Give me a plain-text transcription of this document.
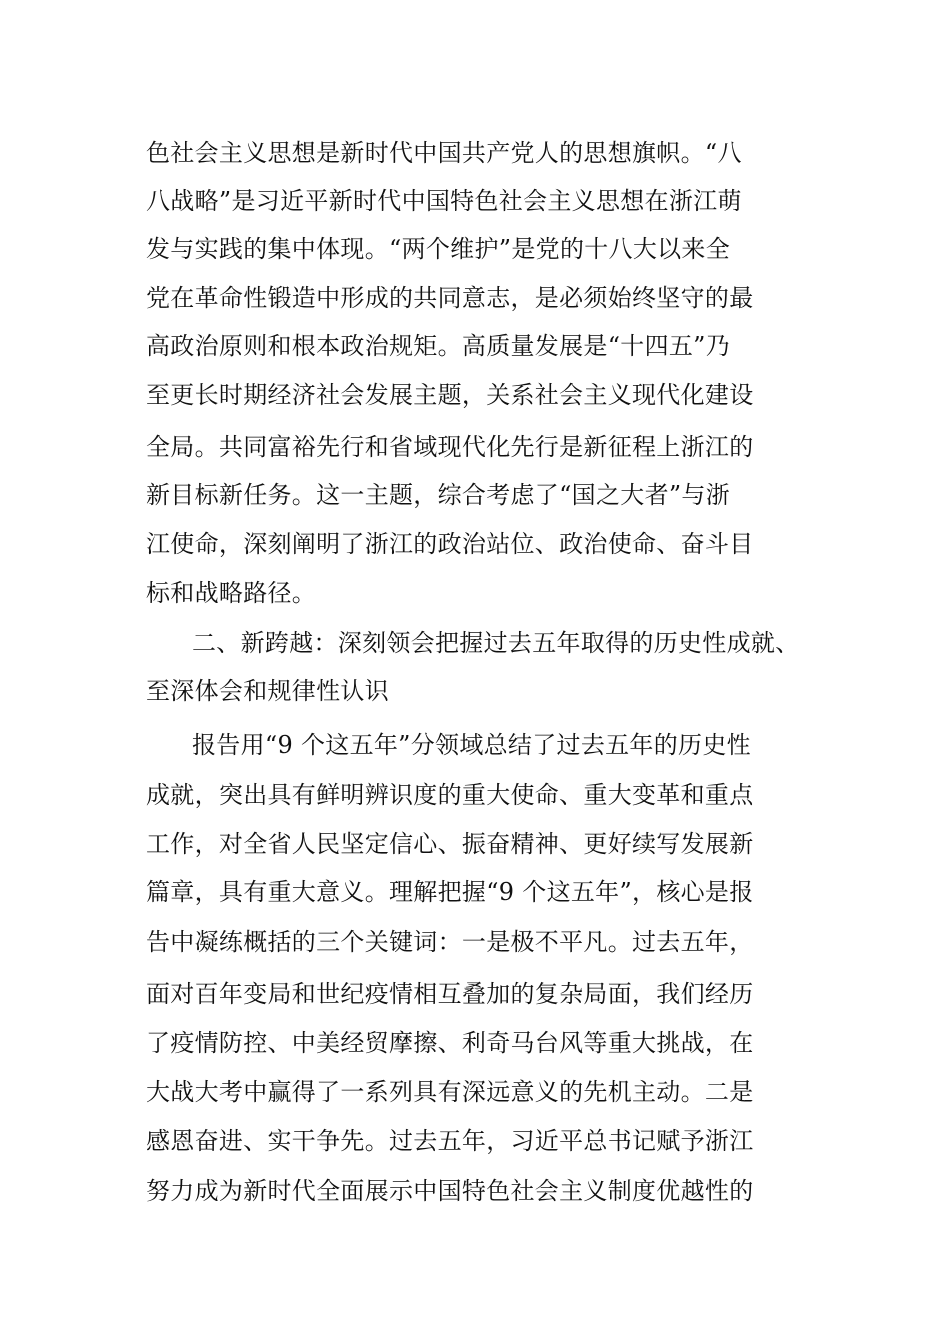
色社会主义思想是新时代中国共产党人的思想旗帜。“八
八战略”是习近平新时代中国特色社会主义思想在浙江萌
发与实践的集中体现。“两个维护”是党的十八大以来全
党在革命性锻造中形成的共同意志，是必须始终坚守的最
高政治原则和根本政治规矩。高质量发展是“十四五”乃
至更长时期经济社会发展主题，关系社会主义现代化建设
全局。共同富裕先行和省域现代化先行是新征程上浙江的
新目标新任务。这一主题，综合考虑了“国之大者”与浙
江使命，深刻阐明了浙江的政治站位、政治使命、奋斗目
标和战略路径。
二、新跨越：深刻领会把握过去五年取得的历史性成就、
至深体会和规律性认识
报告用“9 个这五年”分领域总结了过去五年的历史性
成就，突出具有鲜明辨识度的重大使命、重大变革和重点
工作，对全省人民坚定信心、振奋精神、更好续写发展新
篇章，具有重大意义。理解把握“9 个这五年”，核心是报
告中凝练概括的三个关键词：一是极不平凡。过去五年，
面对百年变局和世纪疫情相互叠加的复杂局面，我们经历
了疫情防控、中美经贸摩擦、利奇马台风等重大挑战，在
大战大考中赢得了一系列具有深远意义的先机主动。二是
感恩奋进、实干争先。过去五年，习近平总书记赋予浙江
努力成为新时代全面展示中国特色社会主义制度优越性的
